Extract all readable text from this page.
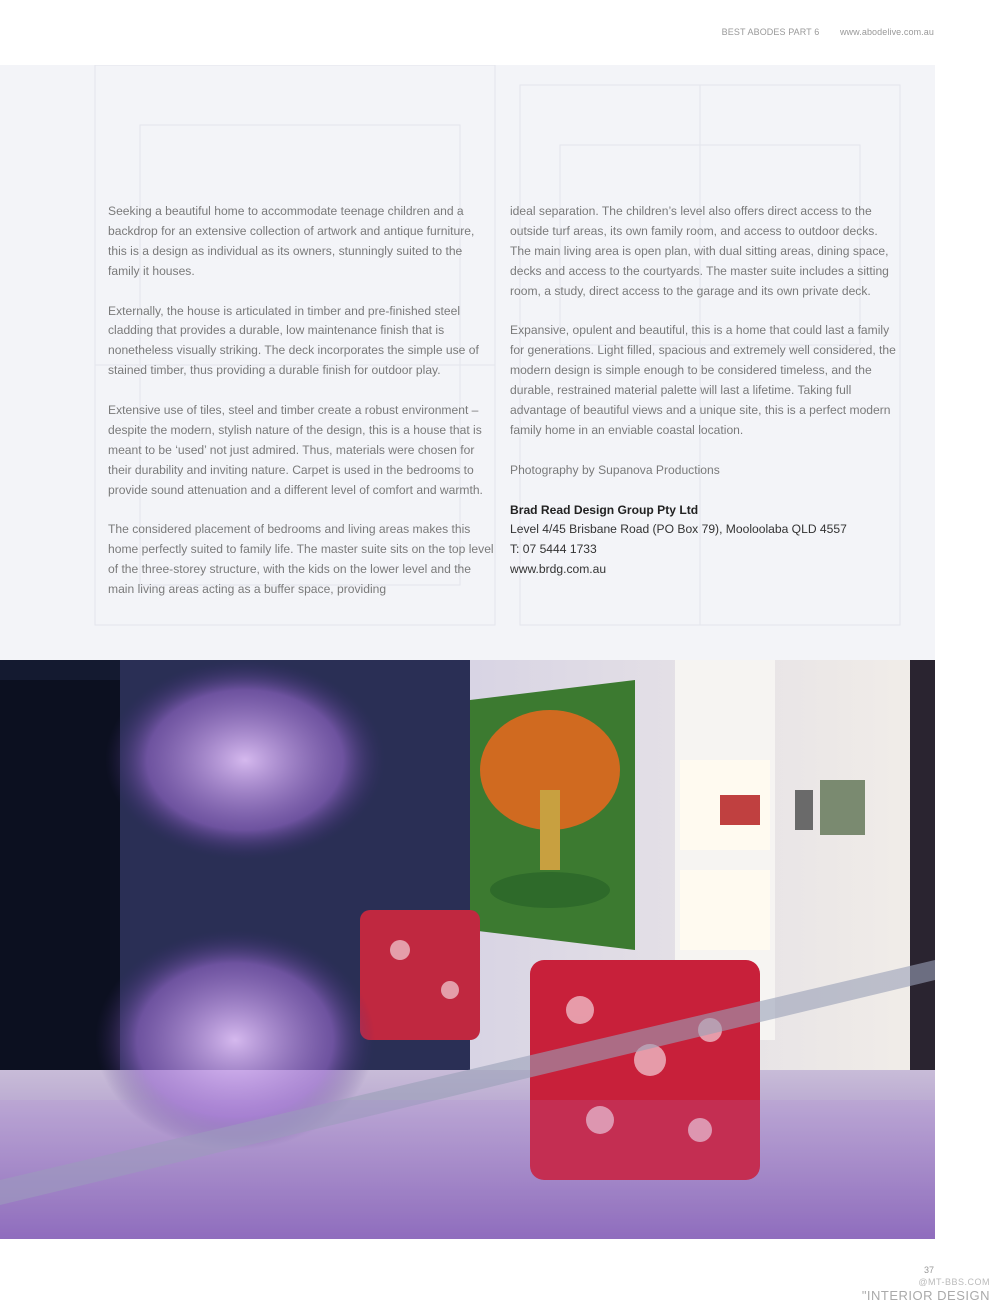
BEST ABODES PART 6 www.abodelive.com.au

Seeking a beautiful home to accommodate teenage children and a backdrop for an extensive collection of artwork and antique furniture, this is a design as individual as its owners, stunningly suited to the family it houses.

Externally, the house is articulated in timber and pre-finished steel cladding that provides a durable, low maintenance finish that is nonetheless visually striking. The deck incorporates the simple use of stained timber, thus providing a durable finish for outdoor play.

Extensive use of tiles, steel and timber create a robust environment – despite the modern, stylish nature of the design, this is a house that is meant to be ‘used’ not just admired. Thus, materials were chosen for their durability and inviting nature. Carpet is used in the bedrooms to provide sound attenuation and a different level of comfort and warmth.

The considered placement of bedrooms and living areas makes this home perfectly suited to family life. The master suite sits on the top level of the three-storey structure, with the kids on the lower level and the main living areas acting as a buffer space, providing

ideal separation. The children’s level also offers direct access to the outside turf areas, its own family room, and access to outdoor decks. The main living area is open plan, with dual sitting areas, dining space, decks and access to the courtyards. The master suite includes a sitting room, a study, direct access to the garage and its own private deck.

Expansive, opulent and beautiful, this is a home that could last a family for generations. Light filled, spacious and extremely well considered, the modern design is simple enough to be considered timeless, and the durable, restrained material palette will last a lifetime. Taking full advantage of beautiful views and a unique site, this is a perfect modern family home in an enviable coastal location.

Photography by Supanova Productions

Brad Read Design Group Pty Ltd
Level 4/45 Brisbane Road (PO Box 79), Mooloolaba QLD 4557
T: 07 5444 1733
www.brdg.com.au
37
@MT-BBS.COM
"INTERIOR DESIGN
